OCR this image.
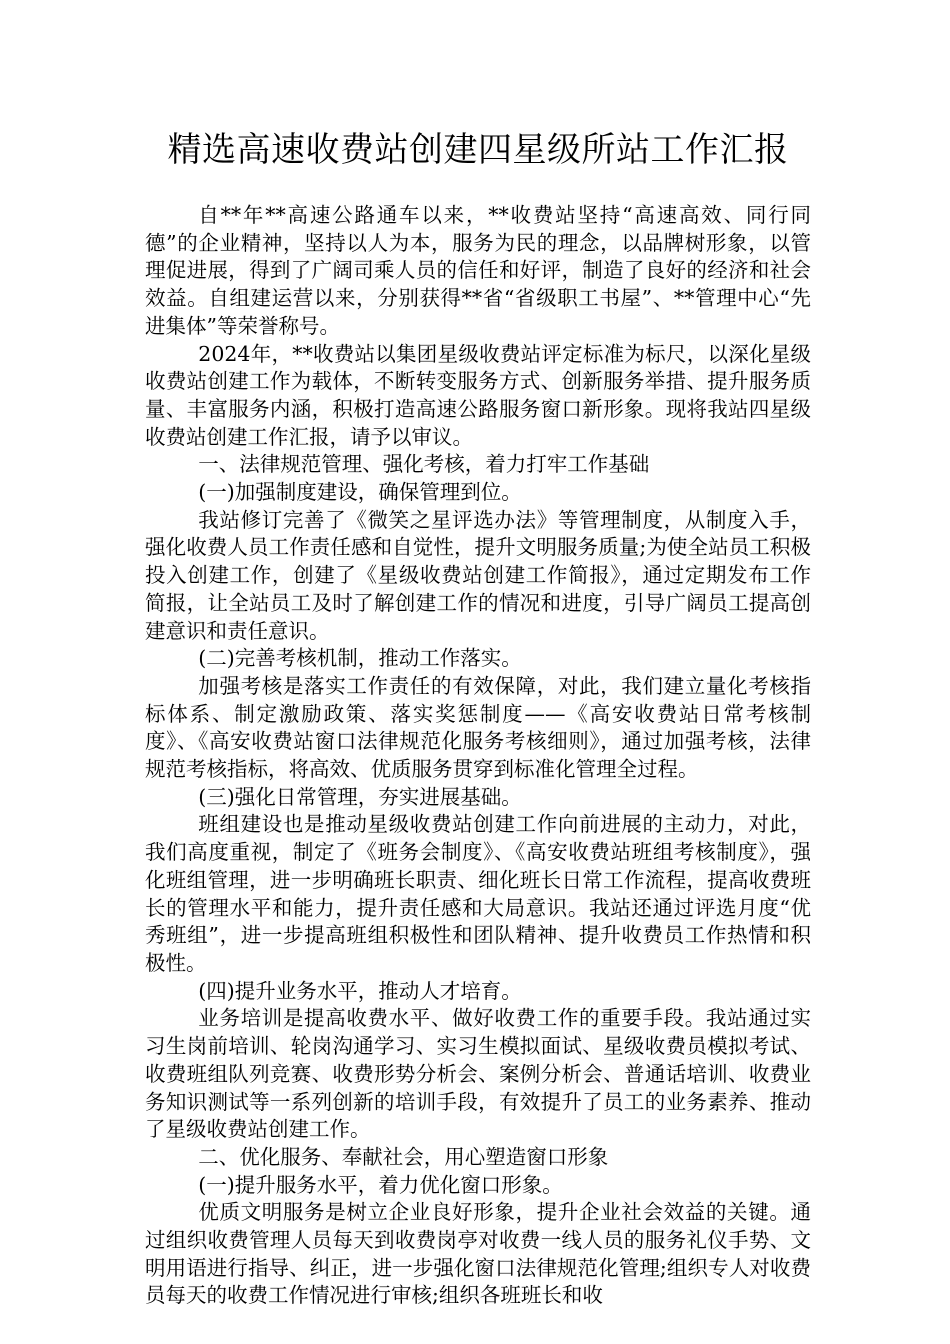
精选高速收费站创建四星级所站工作汇报

自**年**高速公路通车以来，**收费站坚持“高速高效、同行同德”的企业精神，坚持以人为本，服务为民的理念，以品牌树形象，以管理促进展，得到了广阔司乘人员的信任和好评，制造了良好的经济和社会效益。自组建运营以来，分别获得**省“省级职工书屋”、**管理中心“先进集体”等荣誉称号。

2024年，**收费站以集团星级收费站评定标准为标尺，以深化星级收费站创建工作为载体，不断转变服务方式、创新服务举措、提升服务质量、丰富服务内涵，积极打造高速公路服务窗口新形象。现将我站四星级收费站创建工作汇报，请予以审议。

一、法律规范管理、强化考核，着力打牢工作基础

(一)加强制度建设，确保管理到位。

我站修订完善了《微笑之星评选办法》等管理制度，从制度入手，强化收费人员工作责任感和自觉性，提升文明服务质量;为使全站员工积极投入创建工作，创建了《星级收费站创建工作简报》，通过定期发布工作简报，让全站员工及时了解创建工作的情况和进度，引导广阔员工提高创建意识和责任意识。

(二)完善考核机制，推动工作落实。

加强考核是落实工作责任的有效保障，对此，我们建立量化考核指标体系、制定激励政策、落实奖惩制度——《高安收费站日常考核制度》、《高安收费站窗口法律规范化服务考核细则》，通过加强考核，法律规范考核指标，将高效、优质服务贯穿到标准化管理全过程。

(三)强化日常管理，夯实进展基础。

班组建设也是推动星级收费站创建工作向前进展的主动力，对此，我们高度重视，制定了《班务会制度》、《高安收费站班组考核制度》，强化班组管理，进一步明确班长职责、细化班长日常工作流程，提高收费班长的管理水平和能力，提升责任感和大局意识。我站还通过评选月度“优秀班组”，进一步提高班组积极性和团队精神、提升收费员工作热情和积极性。

(四)提升业务水平，推动人才培育。

业务培训是提高收费水平、做好收费工作的重要手段。我站通过实习生岗前培训、轮岗沟通学习、实习生模拟面试、星级收费员模拟考试、收费班组队列竞赛、收费形势分析会、案例分析会、普通话培训、收费业务知识测试等一系列创新的培训手段，有效提升了员工的业务素养、推动了星级收费站创建工作。

二、优化服务、奉献社会，用心塑造窗口形象

(一)提升服务水平，着力优化窗口形象。

优质文明服务是树立企业良好形象，提升企业社会效益的关键。通过组织收费管理人员每天到收费岗亭对收费一线人员的服务礼仪手势、文明用语进行指导、纠正，进一步强化窗口法律规范化管理;组织专人对收费员每天的收费工作情况进行审核;组织各班班长和收
